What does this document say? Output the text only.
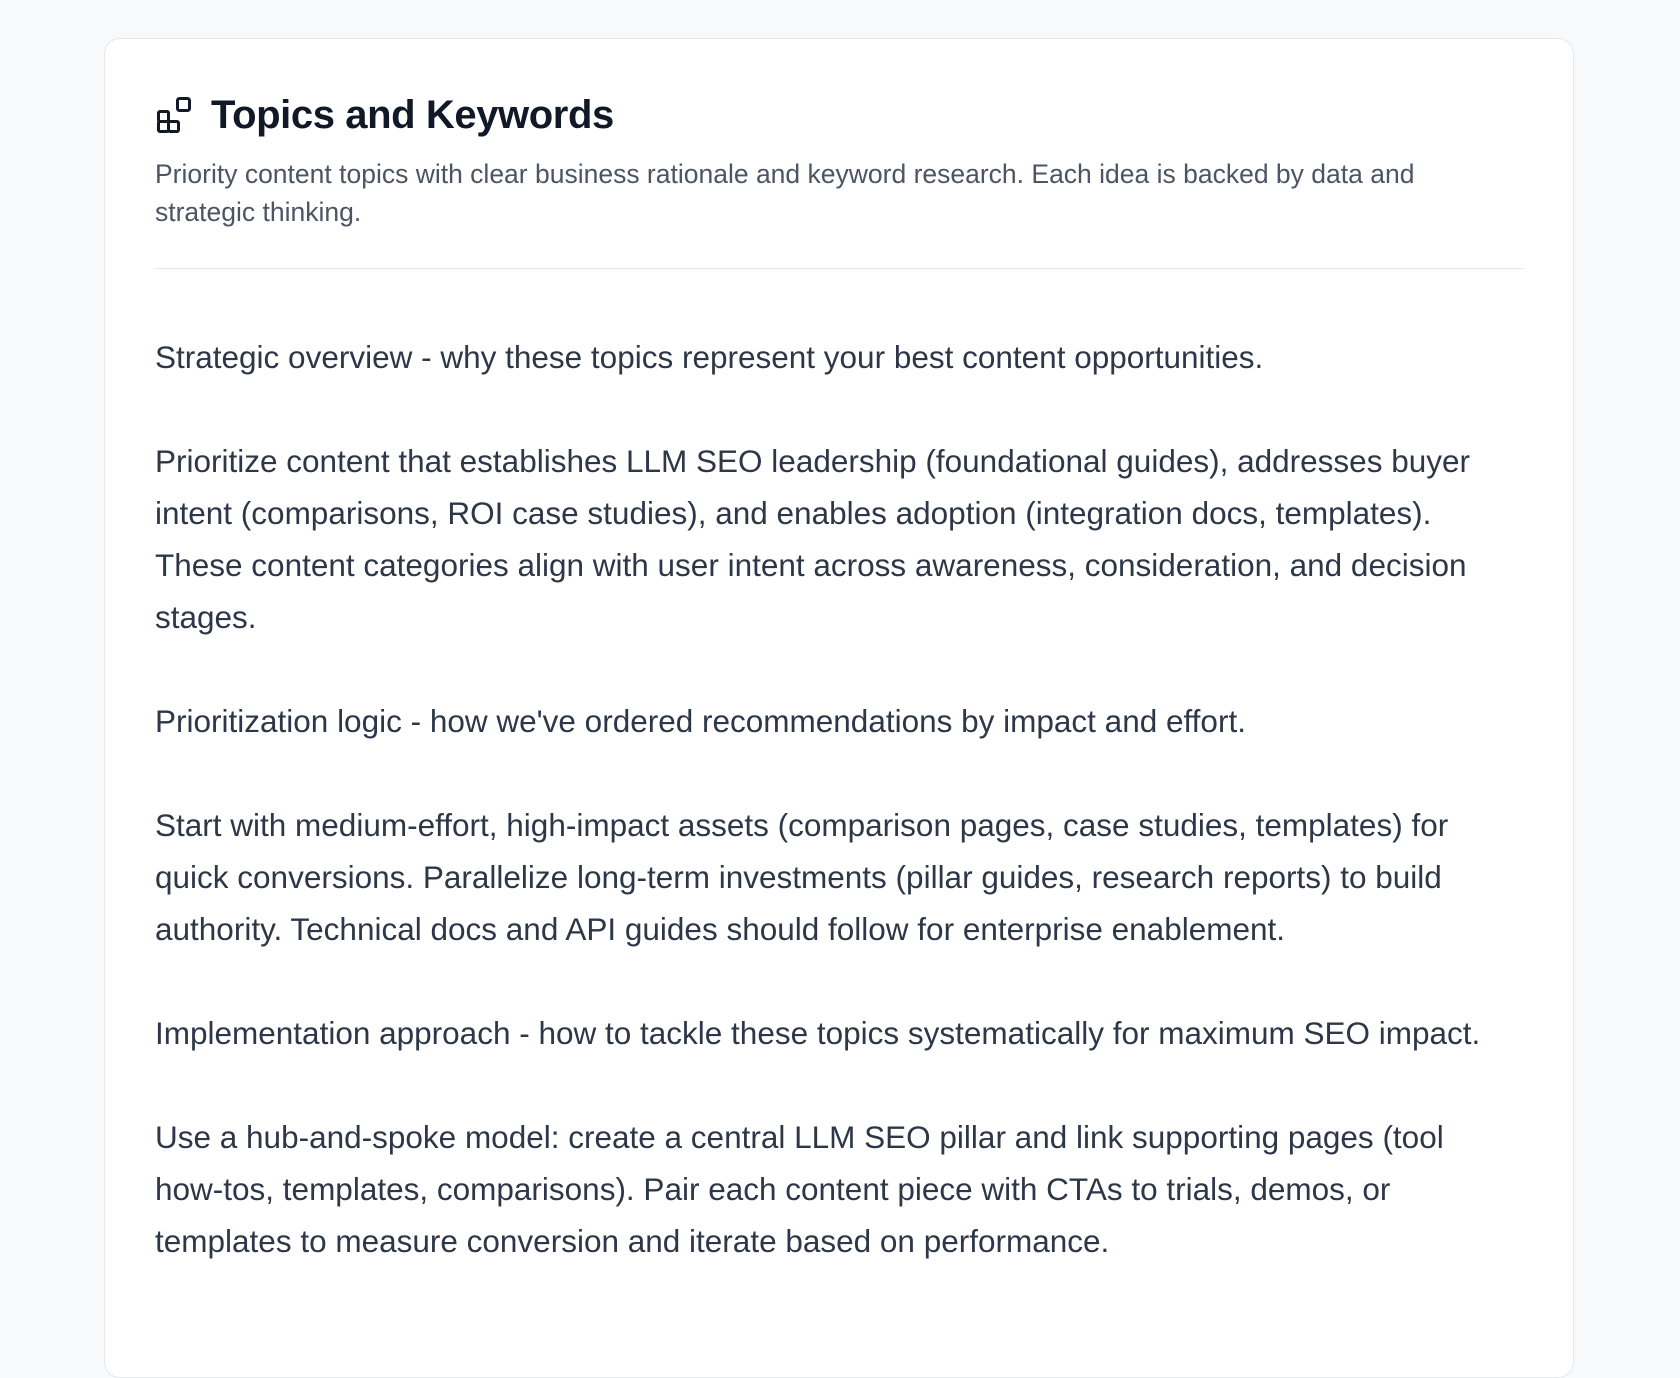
Topics and Keywords

Priority content topics with clear business rationale and keyword research. Each idea is backed by data and strategic thinking.

Strategic overview - why these topics represent your best content opportunities.

Prioritize content that establishes LLM SEO leadership (foundational guides), addresses buyer intent (comparisons, ROI case studies), and enables adoption (integration docs, templates). These content categories align with user intent across awareness, consideration, and decision stages.

Prioritization logic - how we've ordered recommendations by impact and effort.

Start with medium-effort, high-impact assets (comparison pages, case studies, templates) for quick conversions. Parallelize long-term investments (pillar guides, research reports) to build authority. Technical docs and API guides should follow for enterprise enablement.

Implementation approach - how to tackle these topics systematically for maximum SEO impact.

Use a hub-and-spoke model: create a central LLM SEO pillar and link supporting pages (tool how-tos, templates, comparisons). Pair each content piece with CTAs to trials, demos, or templates to measure conversion and iterate based on performance.
